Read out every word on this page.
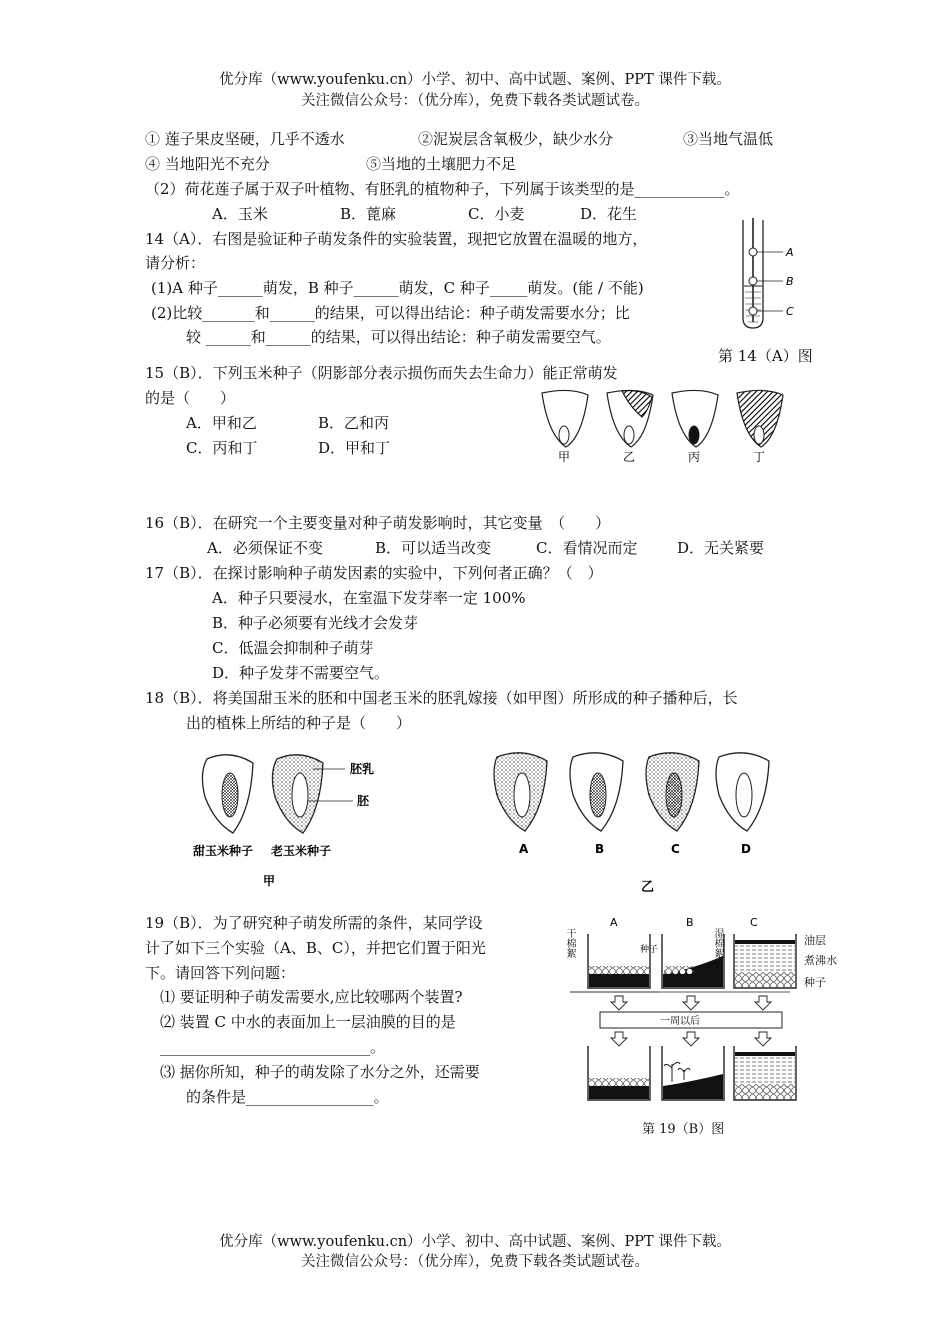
优分库（www.youfenku.cn）小学、初中、高中试题、案例、PPT 课件下载。
关注微信公众号：（优分库），免费下载各类试题试卷。
① 莲子果皮坚硬，几乎不透水	②泥炭层含氧极少，缺少水分	③当地气温低
④ 当地阳光不充分	⑤当地的土壤肥力不足
（2）荷花莲子属于双子叶植物、有胚乳的植物种子，下列属于该类型的是____________。
A．玉米	B．蓖麻	C．小麦	D．花生
14（A）．右图是验证种子萌发条件的实验装置，现把它放置在温暖的地方，
请分析：
(1)A 种子______萌发，B 种子______萌发，C 种子_____萌发。(能 / 不能)
(2)比较_______和______的结果，可以得出结论：种子萌发需要水分；比
较 ______和______的结果，可以得出结论：种子萌发需要空气。
A
B
C
第 14（A）图
15（B）．下列玉米种子（阴影部分表示损伤而失去生命力）能正常萌发
的是（　　）
A．甲和乙	B．乙和丙
C．丙和丁	D．甲和丁	甲	乙	丙	丁
16（B）．在研究一个主要变量对种子萌发影响时，其它变量　（　　）
A．必须保证不变	B．可以适当改变	C．看情况而定	D．无关紧要
17（B）．在探讨影响种子萌发因素的实验中，下列何者正确？（　）
A．种子只要浸水，在室温下发芽率一定 100%
B．种子必须要有光线才会发芽
C．低温会抑制种子萌芽
D．种子发芽不需要空气。
18（B）．将美国甜玉米的胚和中国老玉米的胚乳嫁接（如甲图）所形成的种子播种后，长
出的植株上所结的种子是（　　）
胚乳
胚
甜玉米种子 老玉米种子
甲
A	B	C	D
乙
19（B）．为了研究种子萌发所需的条件，某同学设
计了如下三个实验（A、B、C），并把它们置于阳光
下。请回答下列问题：
⑴ 要证明种子萌发需要水,应比较哪两个装置?
⑵ 装置 C 中水的表面加上一层油膜的目的是
____________________________。
⑶ 据你所知，种子的萌发除了水分之外，还需要
的条件是_________________。
A	B	C
种子
一周以后
油层
煮沸水
种子
干棉絮	湿棉絮
第 19（B）图
优分库（www.youfenku.cn）小学、初中、高中试题、案例、PPT 课件下载。
关注微信公众号：（优分库），免费下载各类试题试卷。
